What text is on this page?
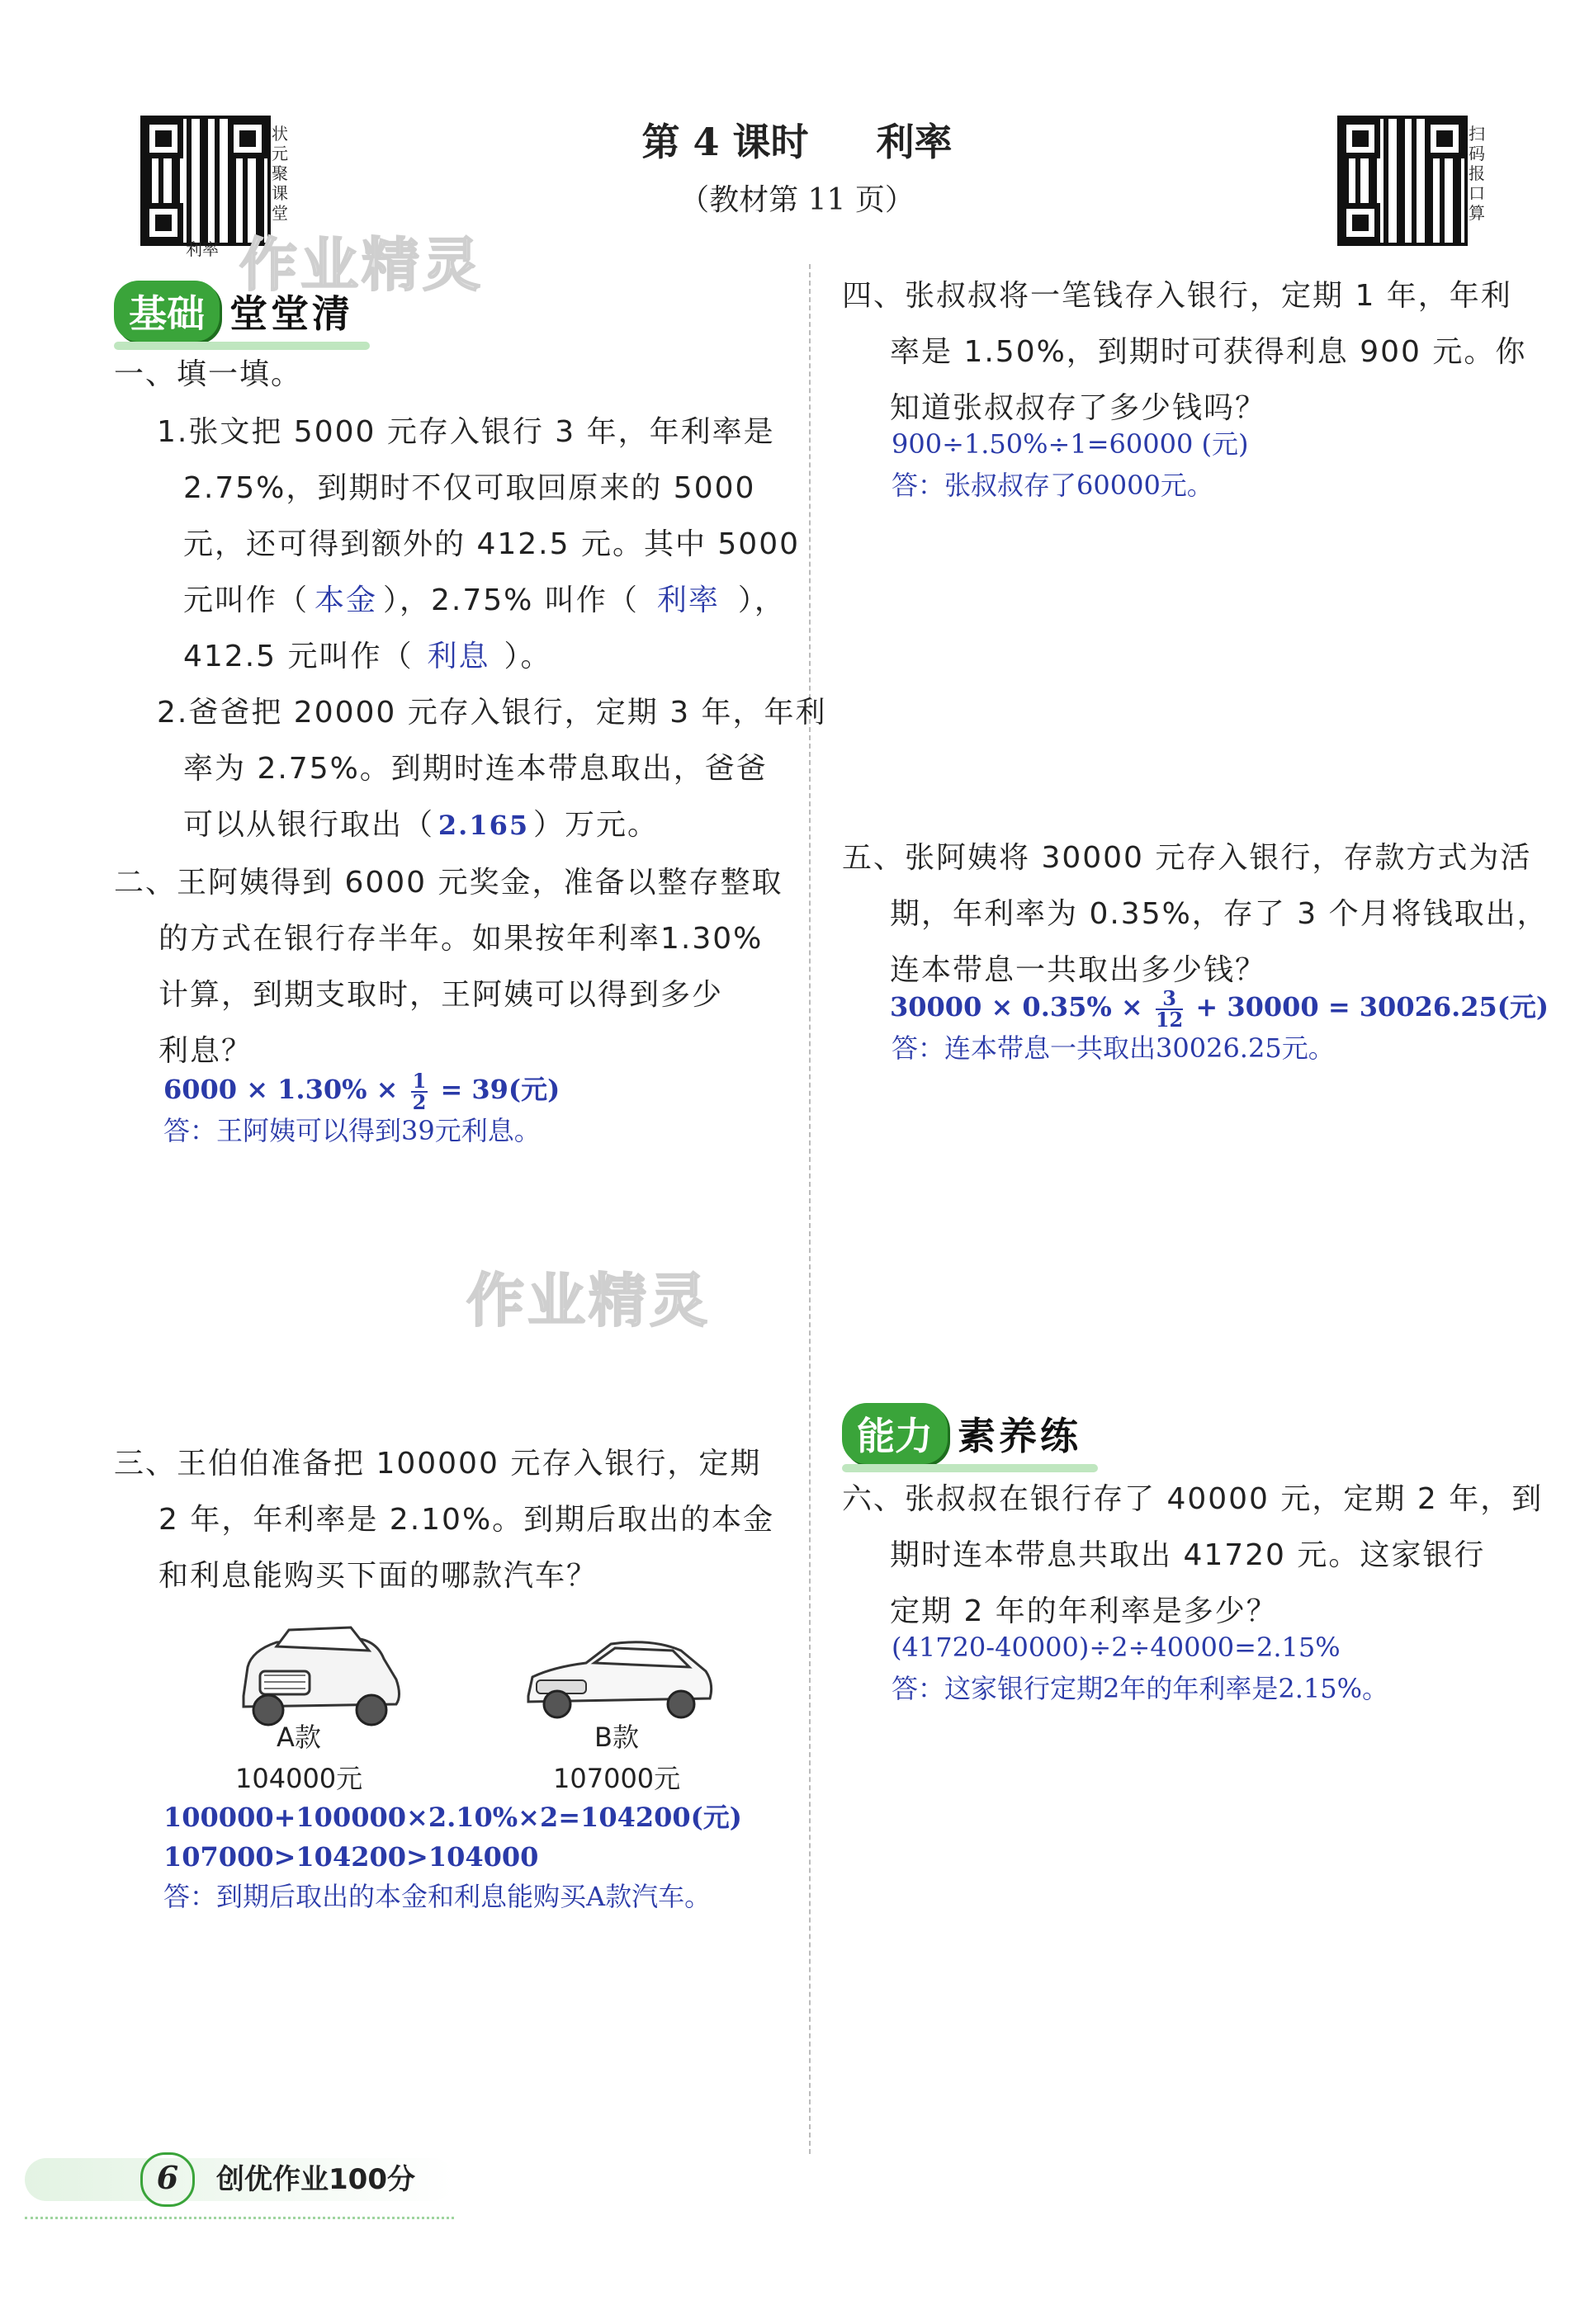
状元聚课堂
利率
扫码报口算
第 4 课时 利率
（教材第 11 页）
作业精灵
作业精灵
基础 堂堂清
一、填一填。
1.张文把 5000 元存入银行 3 年，年利率是
2.75%，到期时不仅可取回原来的 5000
元，还可得到额外的 412.5 元。其中 5000
元叫作（ 本金 ），2.75% 叫作（ 利率 ），
412.5 元叫作（ 利息 ）。
2.爸爸把 20000 元存入银行，定期 3 年，年利
率为 2.75%。到期时连本带息取出，爸爸
可以从银行取出（ 2.165 ）万元。
二、王阿姨得到 6000 元奖金，准备以整存整取
的方式在银行存半年。如果按年利率1.30%
计算，到期支取时，王阿姨可以得到多少
利息？
$6000 \times 1.30\% \times \frac{1}{2} = 39$(元)
答：王阿姨可以得到39元利息。
三、王伯伯准备把 100000 元存入银行，定期
2 年，年利率是 2.10%。到期后取出的本金
和利息能购买下面的哪款汽车？
A款
104000元
B款
107000元
100000+100000×2.10%×2=104200(元)
107000>104200>104000
答：到期后取出的本金和利息能购买A款汽车。
四、张叔叔将一笔钱存入银行，定期 1 年，年利
率是 1.50%，到期时可获得利息 900 元。你
知道张叔叔存了多少钱吗？
900÷1.50%÷1=60000 (元)
答：张叔叔存了60000元。
五、张阿姨将 30000 元存入银行，存款方式为活
期，年利率为 0.35%，存了 3 个月将钱取出，
连本带息一共取出多少钱？
$30000 \times 0.35\% \times \frac{3}{12} + 30000 = 30026.25$(元)
答：连本带息一共取出30026.25元。
能力 素养练
六、张叔叔在银行存了 40000 元，定期 2 年，到
期时连本带息共取出 41720 元。这家银行
定期 2 年的年利率是多少？
(41720-40000)÷2÷40000=2.15%
答：这家银行定期2年的年利率是2.15%。
6	创优作业100分
